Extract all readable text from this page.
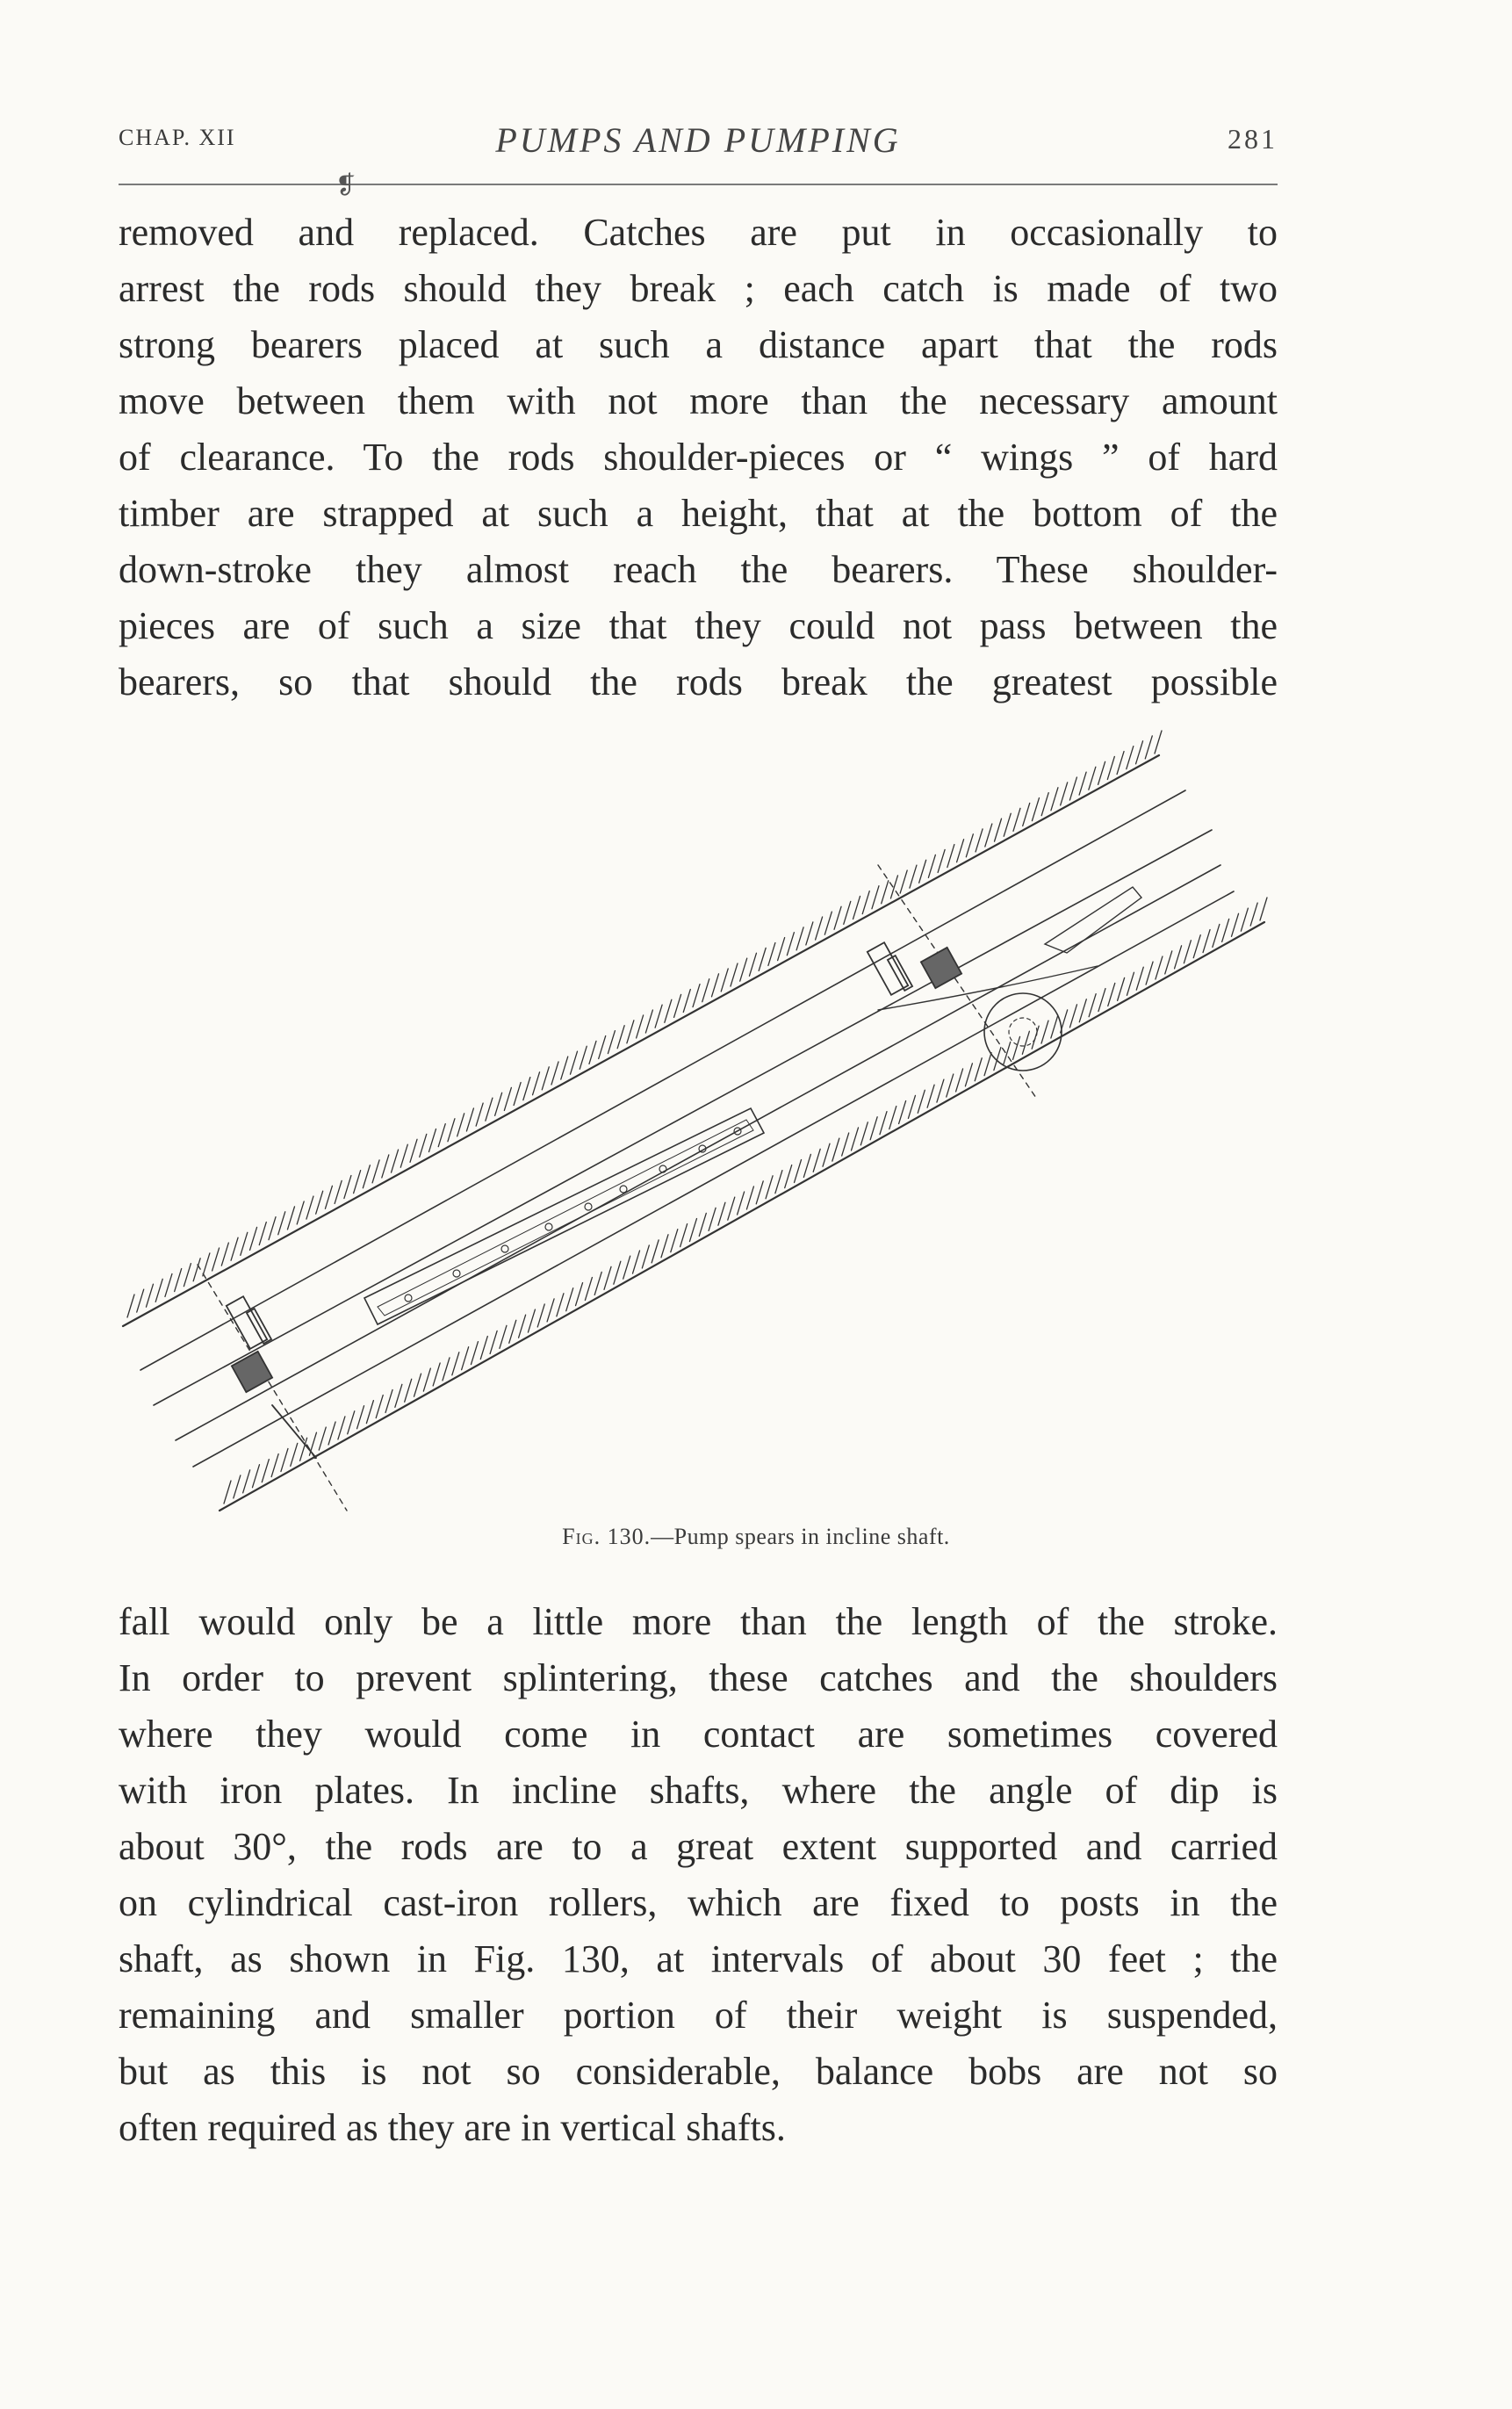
CHAP. XII	PUMPS AND PUMPING	281
❡
removed and replaced. Catches are put in occasionally to
arrest the rods should they break ; each catch is made of two
strong bearers placed at such a distance apart that the rods
move between them with not more than the necessary amount
of clearance. To the rods shoulder-pieces or “ wings ” of hard
timber are strapped at such a height, that at the bottom of the
down-stroke they almost reach the bearers. These shoulder-
pieces are of such a size that they could not pass between the
bearers, so that should the rods break the greatest possible
Fig. 130.—Pump spears in incline shaft.
fall would only be a little more than the length of the stroke.
In order to prevent splintering, these catches and the shoulders
where they would come in contact are sometimes covered
with iron plates. In incline shafts, where the angle of dip is
about 30°, the rods are to a great extent supported and carried
on cylindrical cast-iron rollers, which are fixed to posts in the
shaft, as shown in Fig. 130, at intervals of about 30 feet ; the
remaining and smaller portion of their weight is suspended,
but as this is not so considerable, balance bobs are not so
often required as they are in vertical shafts.
